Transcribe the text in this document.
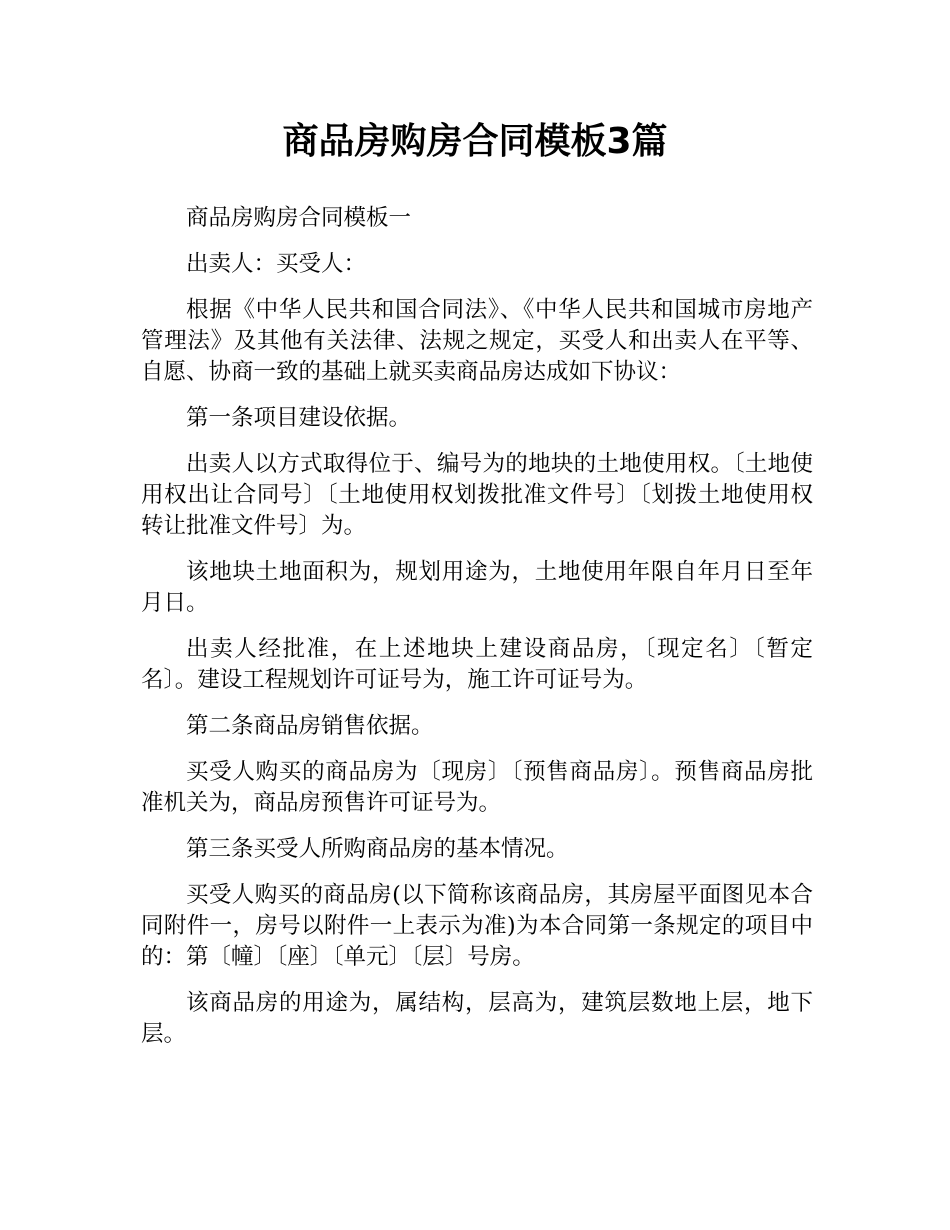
商品房购房合同模板3篇

商品房购房合同模板一

出卖人：买受人：

根据《中华人民共和国合同法》、《中华人民共和国城市房地产管理法》及其他有关法律、法规之规定，买受人和出卖人在平等、自愿、协商一致的基础上就买卖商品房达成如下协议：

第一条项目建设依据。

出卖人以方式取得位于、编号为的地块的土地使用权。〔土地使用权出让合同号〕〔土地使用权划拨批准文件号〕〔划拨土地使用权转让批准文件号〕为。

该地块土地面积为，规划用途为，土地使用年限自年月日至年月日。

出卖人经批准，在上述地块上建设商品房，〔现定名〕〔暂定名〕。建设工程规划许可证号为，施工许可证号为。

第二条商品房销售依据。

买受人购买的商品房为〔现房〕〔预售商品房〕。预售商品房批准机关为，商品房预售许可证号为。

第三条买受人所购商品房的基本情况。

买受人购买的商品房(以下简称该商品房，其房屋平面图见本合同附件一，房号以附件一上表示为准)为本合同第一条规定的项目中的：第〔幢〕〔座〕〔单元〕〔层〕号房。

该商品房的用途为，属结构，层高为，建筑层数地上层，地下层。
